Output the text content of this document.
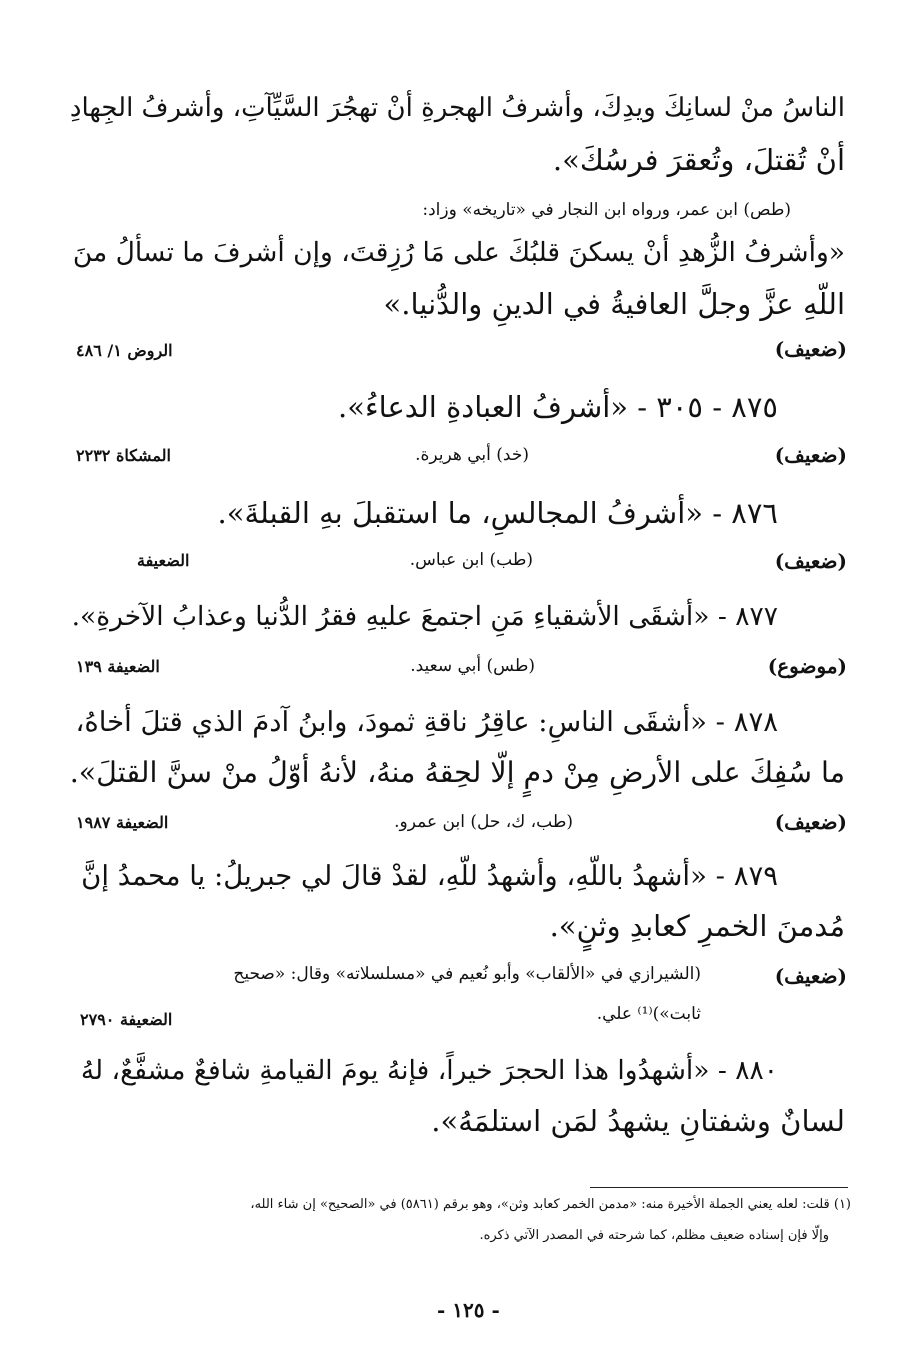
الناسُ منْ لسانِكَ ويدِكَ، وأشرفُ الهجرةِ أنْ تهجُرَ السَّيِّآتِ، وأشرفُ الجِهادِ
أنْ تُقتلَ، وتُعقرَ فرسُكَ».
(طص) ابن عمر، ورواه ابن النجار في «تاريخه» وزاد:
«وأشرفُ الزُّهدِ أنْ يسكنَ قلبُكَ على مَا رُزِقتَ، وإن أشرفَ ما تسألُ منَ
اللّهِ عزَّ وجلَّ العافيةُ في الدينِ والدُّنيا.»
(ضعيف)
الروض ١/ ٤٨٦
٨٧٥ - ٣٠٥ - «أشرفُ العبادةِ الدعاءُ».
(ضعيف)
(خد) أبي هريرة.
المشكاة ٢٢٣٢
٨٧٦ - «أشرفُ المجالسِ، ما استقبلَ بهِ القبلةَ».
(ضعيف)
(طب) ابن عباس.
الضعيفة
٨٧٧ - «أشقَى الأشقياءِ مَنِ اجتمعَ عليهِ فقرُ الدُّنيا وعذابُ الآخرةِ».
(موضوع)
(طس) أبي سعيد.
الضعيفة ١٣٩
٨٧٨ - «أشقَى الناسِ: عاقِرُ ناقةِ ثمودَ، وابنُ آدمَ الذي قتلَ أخاهُ،
ما سُفِكَ على الأرضِ مِنْ دمٍ إلّا لحِقهُ منهُ، لأنهُ أوّلُ منْ سنَّ القتلَ».
(ضعيف)
(طب، ك، حل) ابن عمرو.
الضعيفة ١٩٨٧
٨٧٩ - «أشهدُ باللّهِ، وأشهدُ للّهِ، لقدْ قالَ لي جبريلُ: يا محمدُ إنَّ
مُدمنَ الخمرِ كعابدِ وثنٍ».
(ضعيف)
(الشيرازي في «الألقاب» وأبو نُعيم في «مسلسلاته» وقال: «صحيح
ثابت»)⁽¹⁾ علي.
الضعيفة ٢٧٩٠
٨٨٠ - «أشهدُوا هذا الحجرَ خيراً، فإنهُ يومَ القيامةِ شافعٌ مشفَّعٌ، لهُ
لسانٌ وشفتانِ يشهدُ لمَن استلمَهُ».
(١) قلت: لعله يعني الجملة الأخيرة منه: «مدمن الخمر كعابد وثن»، وهو برقم (٥٨٦١) في «الصحيح» إن شاء الله،
وإلّا فإن إسناده ضعيف مظلم، كما شرحته في المصدر الآتي ذكره.
- ١٢٥ -
